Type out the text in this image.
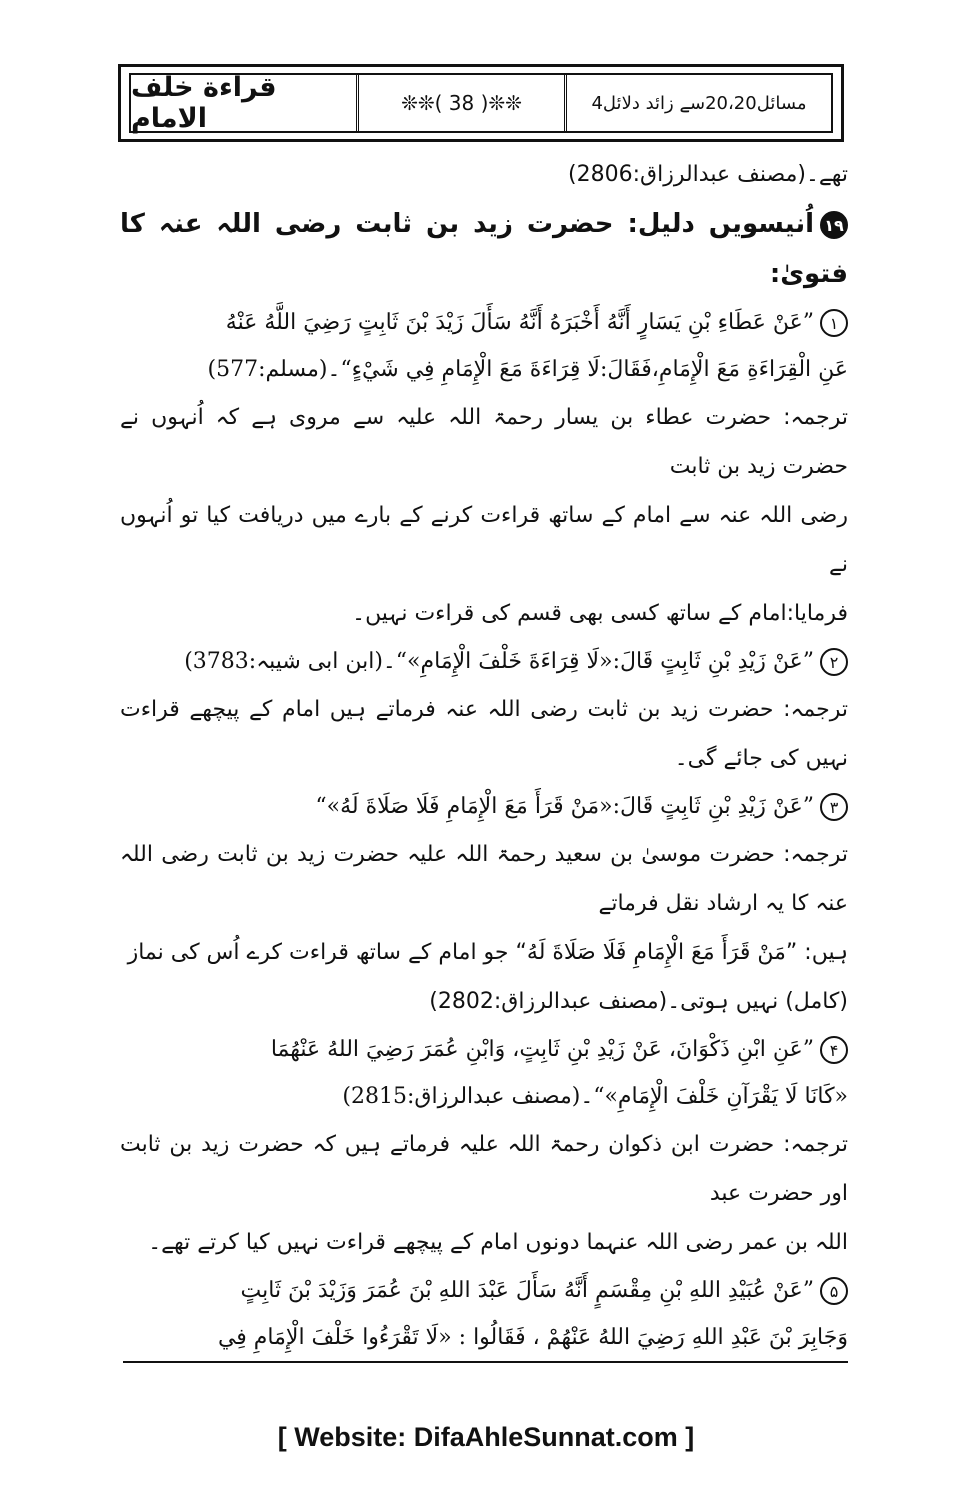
قراءة خلف الامام	❊❊( 38 )❊❊	4مسائل20،20سے زائد دلائل

تھے۔(مصنف عبدالرزاق:2806)

۱۹اُنیسویں دلیل: حضرت زید بن ثابت رضی اللہ عنہ کا فتویٰ:

۱”عَنْ عَطَاءِ بْنِ يَسَارٍ أَنَّهُ أَخْبَرَهُ أَنَّهُ سَأَلَ زَيْدَ بْنَ ثَابِتٍ رَضِيَ اللَّهُ عَنْهُ

عَنِ الْقِرَاءَةِ مَعَ الْإِمَامِ،فَقَالَ:لَا قِرَاءَةَ مَعَ الْإِمَامِ فِي شَيْءٍ“۔(مسلم:577)

ترجمہ: حضرت عطاء بن یسار رحمۃ اللہ علیہ سے مروی ہے کہ اُنہوں نے حضرت زید بن ثابت

رضی اللہ عنہ سے امام کے ساتھ قراءت کرنے کے بارے میں دریافت کیا تو اُنہوں نے

فرمایا:امام کے ساتھ کسی بھی قسم کی قراءت نہیں۔

۲”عَنْ زَيْدِ بْنِ ثَابِتٍ قَالَ:«لَا قِرَاءَةَ خَلْفَ الْإِمَامِ»“۔(ابن ابی شیبہ:3783)

ترجمہ: حضرت زید بن ثابت رضی اللہ عنہ فرماتے ہیں امام کے پیچھے قراءت نہیں کی جائے گی۔

۳”عَنْ زَيْدِ بْنِ ثَابِتٍ قَالَ:«مَنْ قَرَأَ مَعَ الْإِمَامِ فَلَا صَلَاةَ لَهُ»“

ترجمہ: حضرت موسیٰ بن سعید رحمۃ اللہ علیہ حضرت زید بن ثابت رضی اللہ عنہ کا یہ ارشاد نقل فرماتے

ہیں: ”مَنْ قَرَأَ مَعَ الْإِمَامِ فَلَا صَلَاةَ لَهُ“ جو امام کے ساتھ قراءت کرے اُس کی نماز

(کامل) نہیں ہوتی۔(مصنف عبدالرزاق:2802)

۴”عَنِ ابْنِ ذَكْوَانَ، عَنْ زَيْدِ بْنِ ثَابِتٍ، وَابْنِ عُمَرَ رَضِيَ اللهُ عَنْهُمَا

«كَانَا لَا يَقْرَآنِ خَلْفَ الْإِمَامِ»“۔(مصنف عبدالرزاق:2815)

ترجمہ: حضرت ابن ذکوان رحمۃ اللہ علیہ فرماتے ہیں کہ حضرت زید بن ثابت اور حضرت عبد

اللہ بن عمر رضی اللہ عنہما دونوں امام کے پیچھے قراءت نہیں کیا کرتے تھے۔

۵”عَنْ عُبَيْدِ اللهِ بْنِ مِقْسَمٍ أَنَّهُ سَأَلَ عَبْدَ اللهِ بْنَ عُمَرَ وَزَيْدَ بْنَ ثَابِتٍ

وَجَابِرَ بْنَ عَبْدِ اللهِ رَضِيَ اللهُ عَنْهُمْ ، فَقَالُوا : «لَا تَقْرَءُوا خَلْفَ الْإِمَامِ فِي

[ Website: DifaAhleSunnat.com ]
